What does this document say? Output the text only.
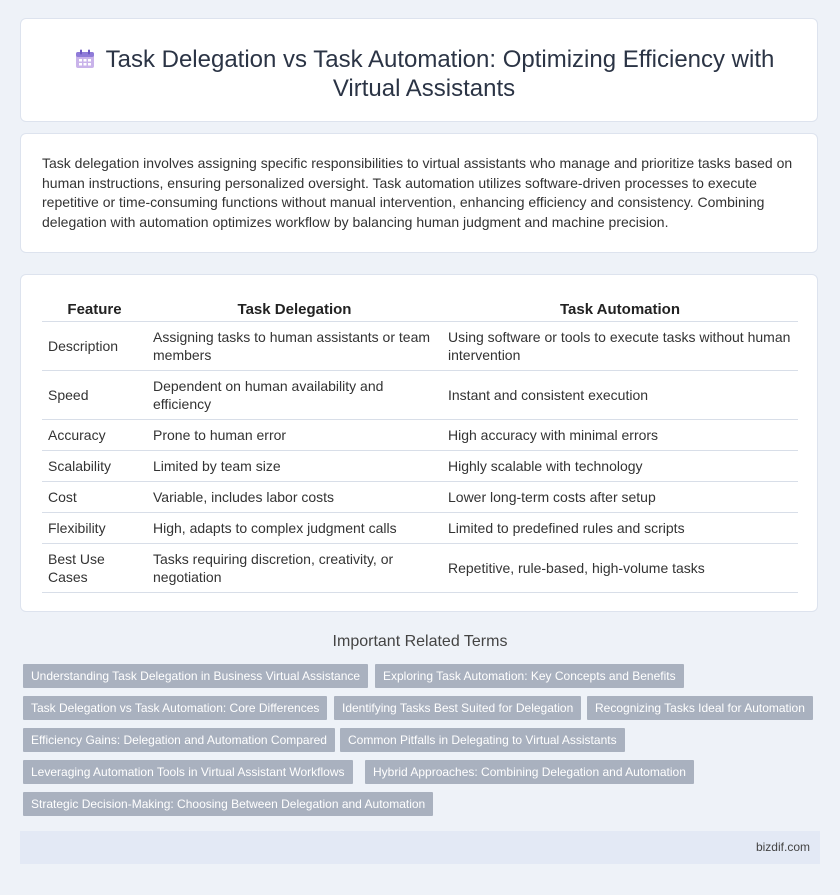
Task Delegation vs Task Automation: Optimizing Efficiency with Virtual Assistants
Task delegation involves assigning specific responsibilities to virtual assistants who manage and prioritize tasks based on human instructions, ensuring personalized oversight. Task automation utilizes software-driven processes to execute repetitive or time-consuming functions without manual intervention, enhancing efficiency and consistency. Combining delegation with automation optimizes workflow by balancing human judgment and machine precision.
Feature	Task Delegation	Task Automation
Description	Assigning tasks to human assistants or team members	Using software or tools to execute tasks without human intervention
Speed	Dependent on human availability and efficiency	Instant and consistent execution
Accuracy	Prone to human error	High accuracy with minimal errors
Scalability	Limited by team size	Highly scalable with technology
Cost	Variable, includes labor costs	Lower long-term costs after setup
Flexibility	High, adapts to complex judgment calls	Limited to predefined rules and scripts
Best Use Cases	Tasks requiring discretion, creativity, or negotiation	Repetitive, rule-based, high-volume tasks
Important Related Terms
Understanding Task Delegation in Business Virtual Assistance	Exploring Task Automation: Key Concepts and Benefits
Task Delegation vs Task Automation: Core Differences	Identifying Tasks Best Suited for Delegation	Recognizing Tasks Ideal for Automation
Efficiency Gains: Delegation and Automation Compared	Common Pitfalls in Delegating to Virtual Assistants
Leveraging Automation Tools in Virtual Assistant Workflows	Hybrid Approaches: Combining Delegation and Automation
Strategic Decision-Making: Choosing Between Delegation and Automation
bizdif.com
